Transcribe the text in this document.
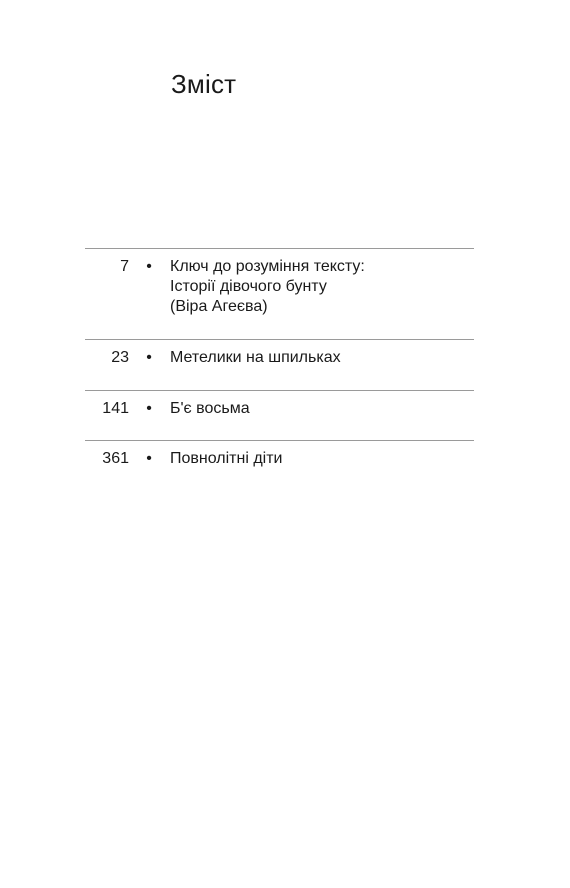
Зміст
7	•	Ключ до розуміння тексту:
Історії дівочого бунту
(Віра Агеєва)
23	•	Метелики на шпильках
141	•	Б'є восьма
361	•	Повнолітні діти
